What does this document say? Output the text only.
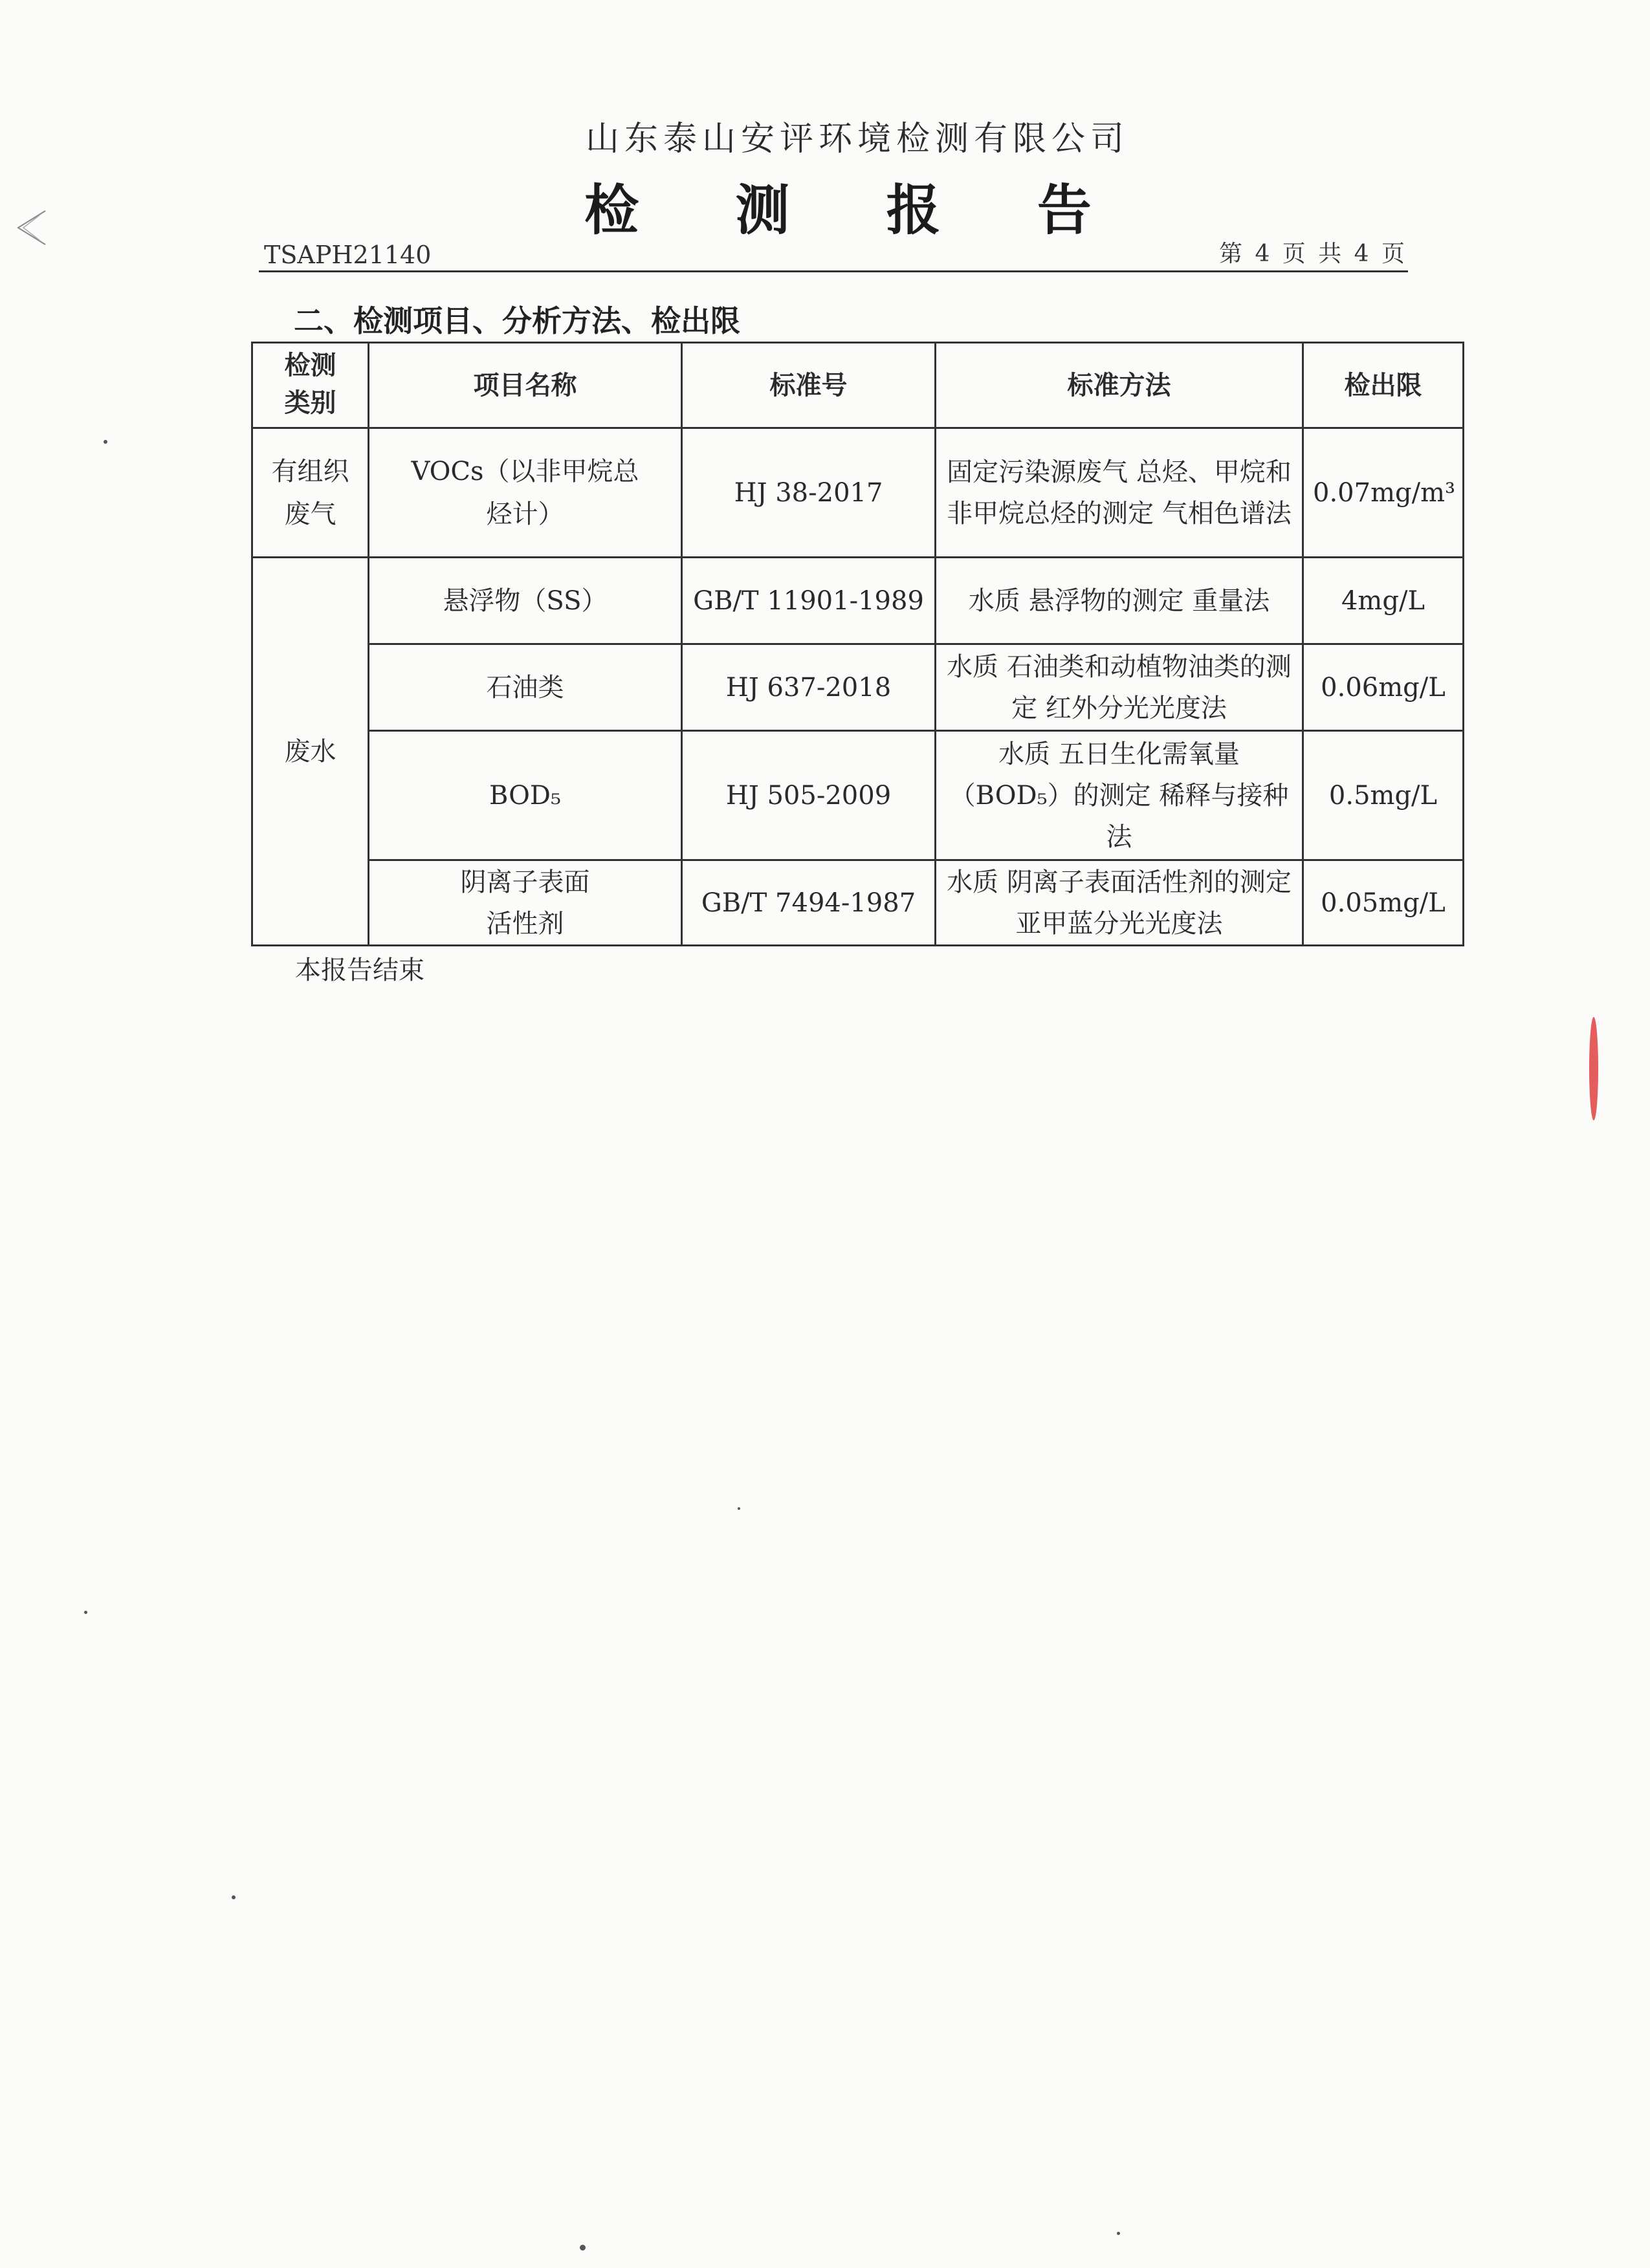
山东泰山安评环境检测有限公司
检 测 报 告
TSAPH21140	第 4 页 共 4 页
二、检测项目、分析方法、检出限
检测类别	项目名称	标准号	标准方法	检出限
有组织废气	VOCs（以非甲烷总烃计）	HJ 38-2017	固定污染源废气 总烃、甲烷和非甲烷总烃的测定 气相色谱法	0.07mg/m³
废水	悬浮物（SS）	GB/T 11901-1989	水质 悬浮物的测定 重量法	4mg/L
	石油类	HJ 637-2018	水质 石油类和动植物油类的测定 红外分光光度法	0.06mg/L
	BOD₅	HJ 505-2009	水质 五日生化需氧量（BOD₅）的测定 稀释与接种法	0.5mg/L
	阴离子表面活性剂	GB/T 7494-1987	水质 阴离子表面活性剂的测定 亚甲蓝分光光度法	0.05mg/L
本报告结束
